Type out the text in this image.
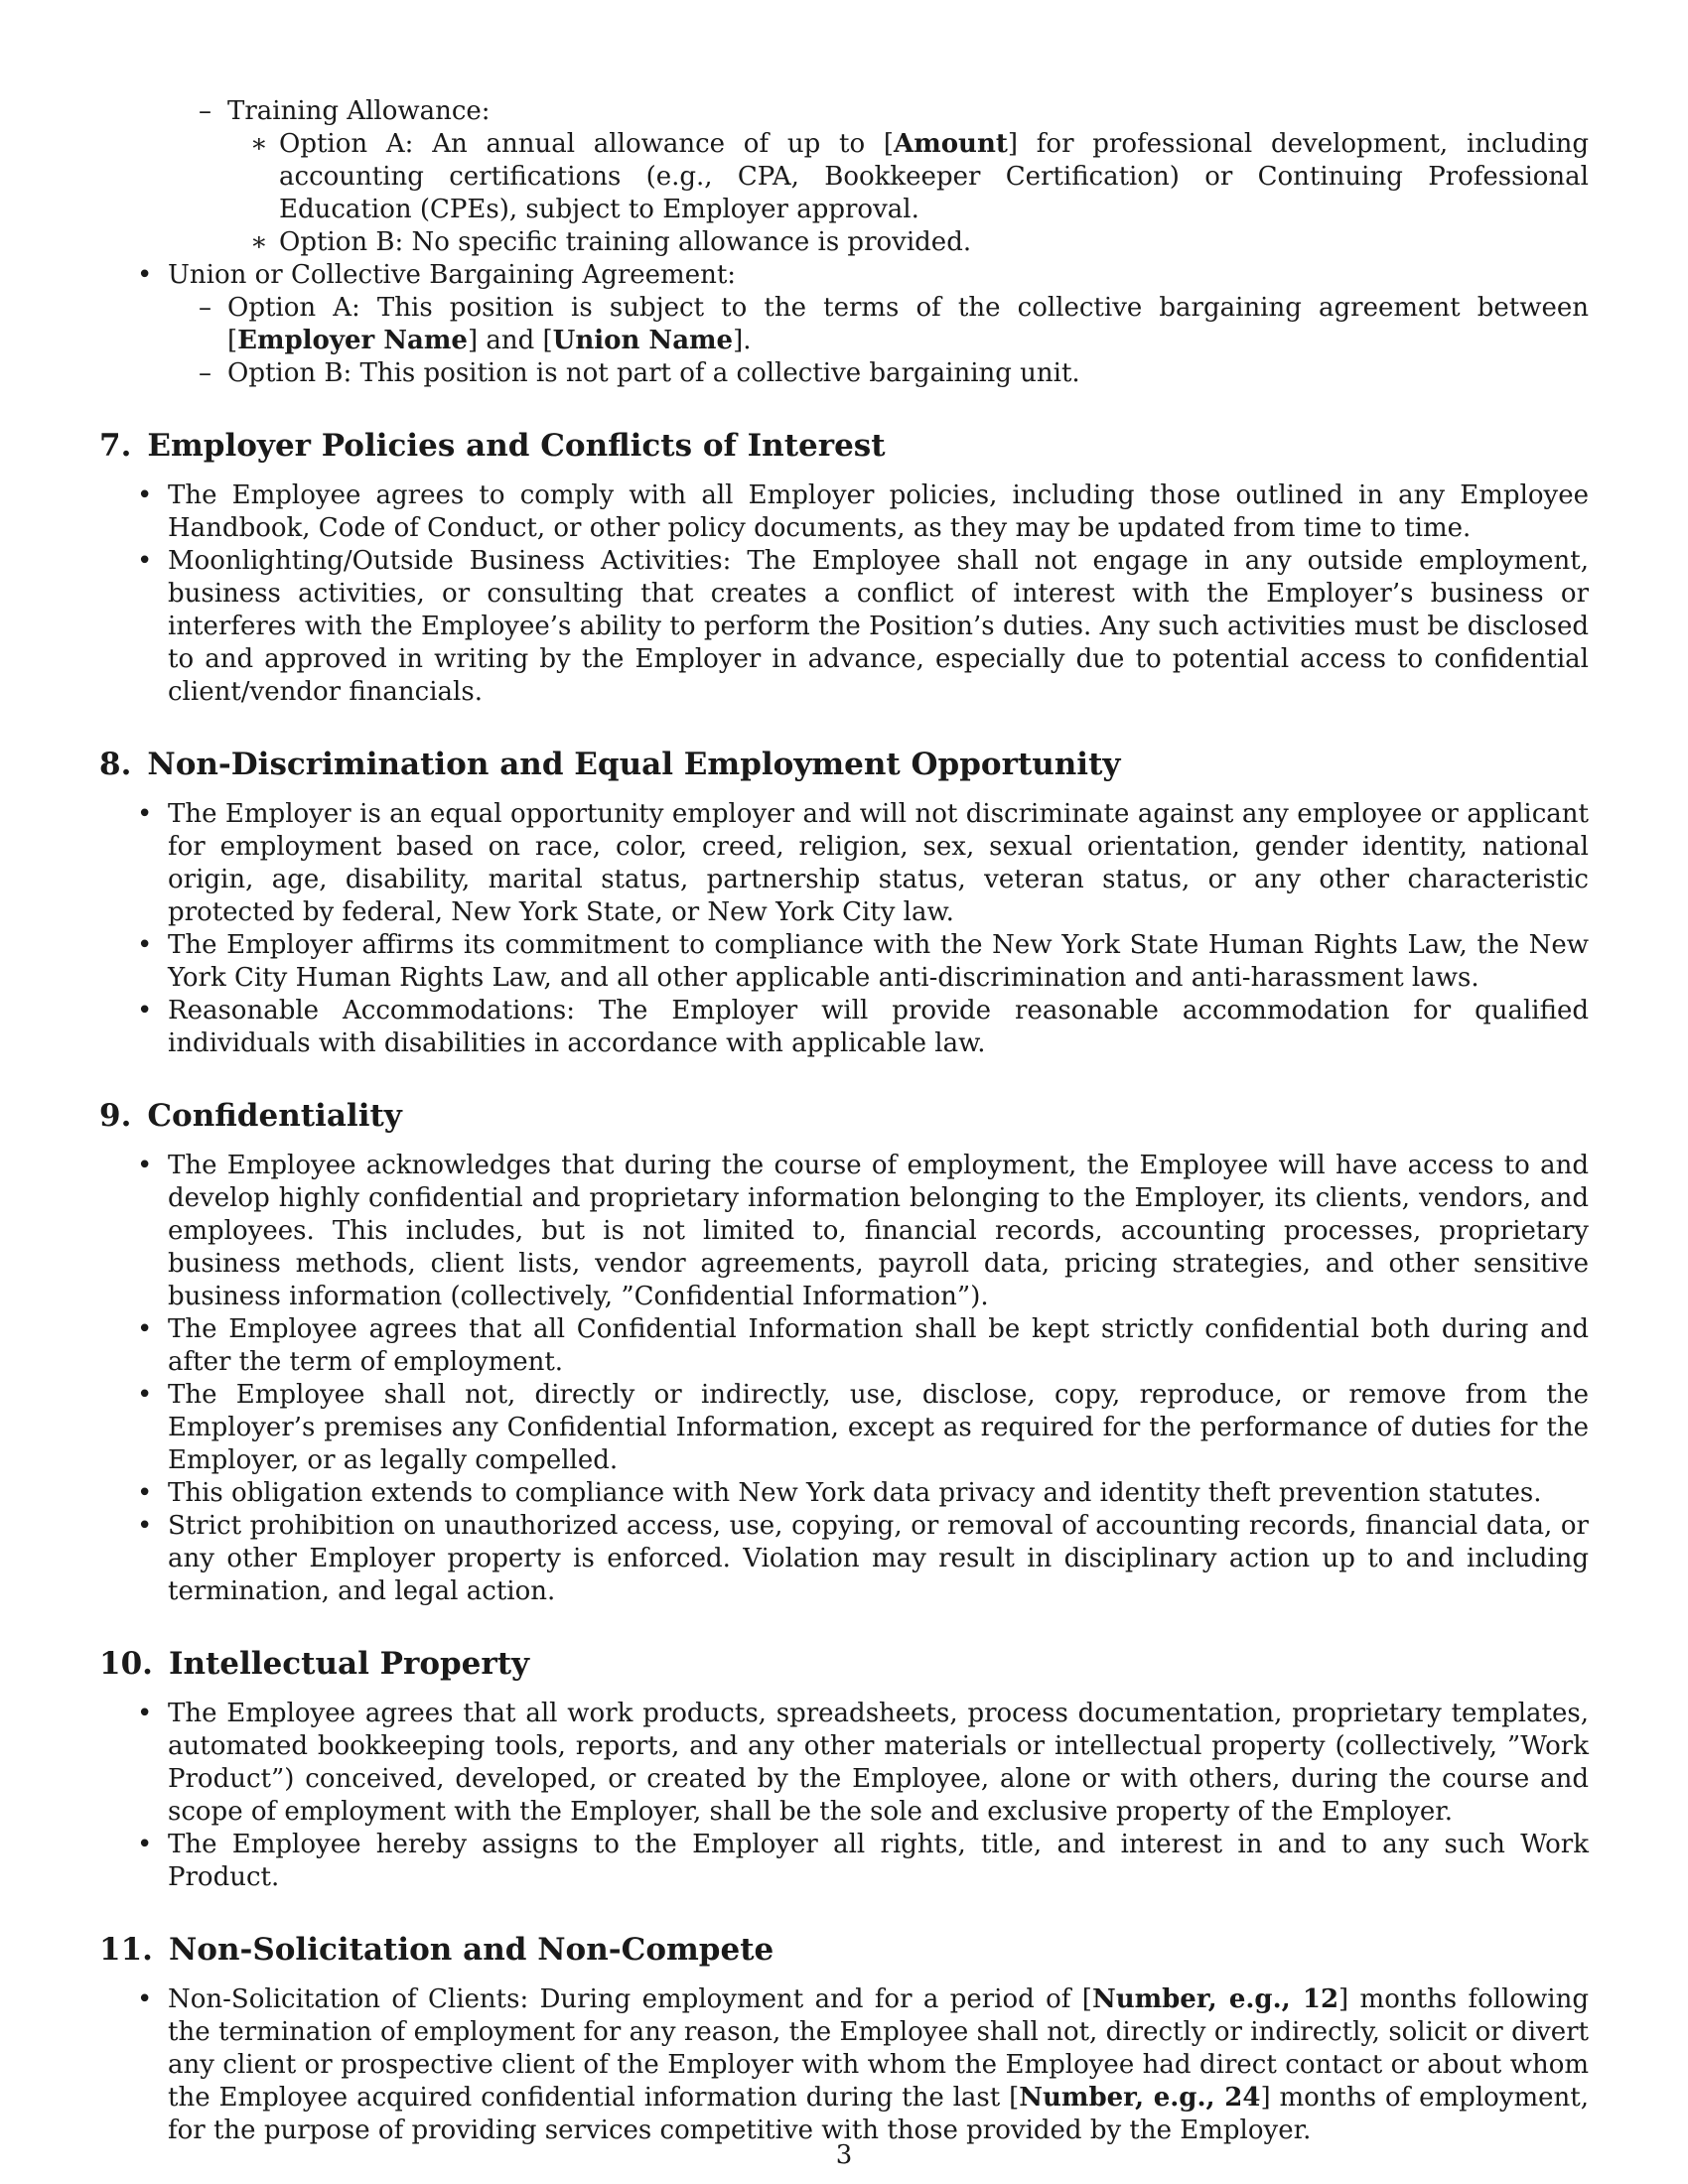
– Training Allowance:
∗ Option A: An annual allowance of up to [Amount] for professional development, including accounting certifications (e.g., CPA, Bookkeeper Certification) or Continuing Professional Education (CPEs), subject to Employer approval.
∗ Option B: No specific training allowance is provided.
• Union or Collective Bargaining Agreement:
– Option A: This position is subject to the terms of the collective bargaining agreement between [Employer Name] and [Union Name].
– Option B: This position is not part of a collective bargaining unit.
7. Employer Policies and Conflicts of Interest
• The Employee agrees to comply with all Employer policies, including those outlined in any Employee Handbook, Code of Conduct, or other policy documents, as they may be updated from time to time.
• Moonlighting/Outside Business Activities: The Employee shall not engage in any outside employment, business activities, or consulting that creates a conflict of interest with the Employer’s business or interferes with the Employee’s ability to perform the Position’s duties. Any such activities must be disclosed to and approved in writing by the Employer in advance, especially due to potential access to confidential client/vendor financials.
8. Non-Discrimination and Equal Employment Opportunity
• The Employer is an equal opportunity employer and will not discriminate against any employee or applicant for employment based on race, color, creed, religion, sex, sexual orientation, gender identity, national origin, age, disability, marital status, partnership status, veteran status, or any other characteristic protected by federal, New York State, or New York City law.
• The Employer affirms its commitment to compliance with the New York State Human Rights Law, the New York City Human Rights Law, and all other applicable anti-discrimination and anti-harassment laws.
• Reasonable Accommodations: The Employer will provide reasonable accommodation for qualified individuals with disabilities in accordance with applicable law.
9. Confidentiality
• The Employee acknowledges that during the course of employment, the Employee will have access to and develop highly confidential and proprietary information belonging to the Employer, its clients, vendors, and employees. This includes, but is not limited to, financial records, accounting processes, proprietary business methods, client lists, vendor agreements, payroll data, pricing strategies, and other sensitive business information (collectively, ”Confidential Information”).
• The Employee agrees that all Confidential Information shall be kept strictly confidential both during and after the term of employment.
• The Employee shall not, directly or indirectly, use, disclose, copy, reproduce, or remove from the Employer’s premises any Confidential Information, except as required for the performance of duties for the Employer, or as legally compelled.
• This obligation extends to compliance with New York data privacy and identity theft prevention statutes.
• Strict prohibition on unauthorized access, use, copying, or removal of accounting records, financial data, or any other Employer property is enforced. Violation may result in disciplinary action up to and including termination, and legal action.
10. Intellectual Property
• The Employee agrees that all work products, spreadsheets, process documentation, proprietary templates, automated bookkeeping tools, reports, and any other materials or intellectual property (collectively, ”Work Product”) conceived, developed, or created by the Employee, alone or with others, during the course and scope of employment with the Employer, shall be the sole and exclusive property of the Employer.
• The Employee hereby assigns to the Employer all rights, title, and interest in and to any such Work Product.
11. Non-Solicitation and Non-Compete
• Non-Solicitation of Clients: During employment and for a period of [Number, e.g., 12] months following the termination of employment for any reason, the Employee shall not, directly or indirectly, solicit or divert any client or prospective client of the Employer with whom the Employee had direct contact or about whom the Employee acquired confidential information during the last [Number, e.g., 24] months of employment, for the purpose of providing services competitive with those provided by the Employer.
3
